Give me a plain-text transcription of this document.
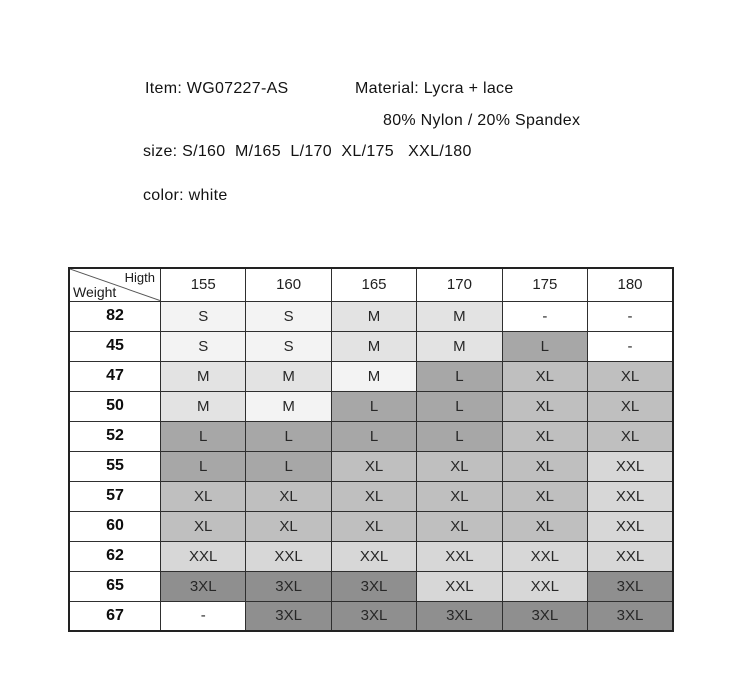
Item: WG07227-AS	Material: Lycra + lace
80% Nylon / 20% Spandex
size: S/160  M/165  L/170  XL/175   XXL/180
color: white
Higth
Weight	155	160	165	170	175	180
82	S	S	M	M	-	-
45	S	S	M	M	L	-
47	M	M	M	L	XL	XL
50	M	M	L	L	XL	XL
52	L	L	L	L	XL	XL
55	L	L	XL	XL	XL	XXL
57	XL	XL	XL	XL	XL	XXL
60	XL	XL	XL	XL	XL	XXL
62	XXL	XXL	XXL	XXL	XXL	XXL
65	3XL	3XL	3XL	XXL	XXL	3XL
67	-	3XL	3XL	3XL	3XL	3XL
